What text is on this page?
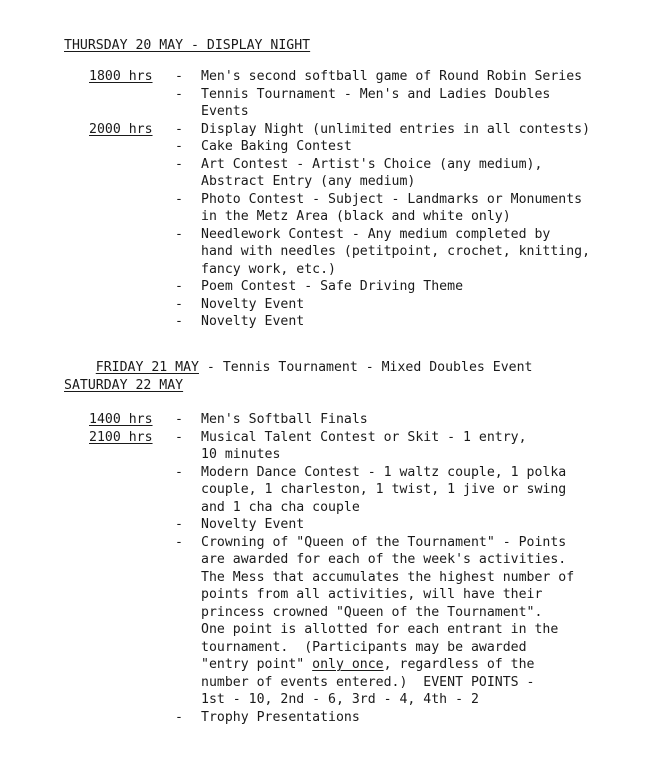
THURSDAY 20 MAY - DISPLAY NIGHT
1800 hrs	- Men's second softball game of Round Robin Series
- Tennis Tournament - Men's and Ladies Doubles
Events
2000 hrs	- Display Night (unlimited entries in all contests)
- Cake Baking Contest
- Art Contest - Artist's Choice (any medium),
Abstract Entry (any medium)
- Photo Contest - Subject - Landmarks or Monuments
in the Metz Area (black and white only)
- Needlework Contest - Any medium completed by
hand with needles (petitpoint, crochet, knitting,
fancy work, etc.)
- Poem Contest - Safe Driving Theme
- Novelty Event
- Novelty Event

FRIDAY 21 MAY - Tennis Tournament - Mixed Doubles Event

SATURDAY 22 MAY
1400 hrs	- Men's Softball Finals
2100 hrs	- Musical Talent Contest or Skit - 1 entry,
10 minutes
- Modern Dance Contest - 1 waltz couple, 1 polka
couple, 1 charleston, 1 twist, 1 jive or swing
and 1 cha cha couple
- Novelty Event
- Crowning of "Queen of the Tournament" - Points
are awarded for each of the week's activities.
The Mess that accumulates the highest number of
points from all activities, will have their
princess crowned "Queen of the Tournament".
One point is allotted for each entrant in the
tournament.  (Participants may be awarded
"entry point" only once, regardless of the
number of events entered.)  EVENT POINTS -
1st - 10, 2nd - 6, 3rd - 4, 4th - 2
- Trophy Presentations
